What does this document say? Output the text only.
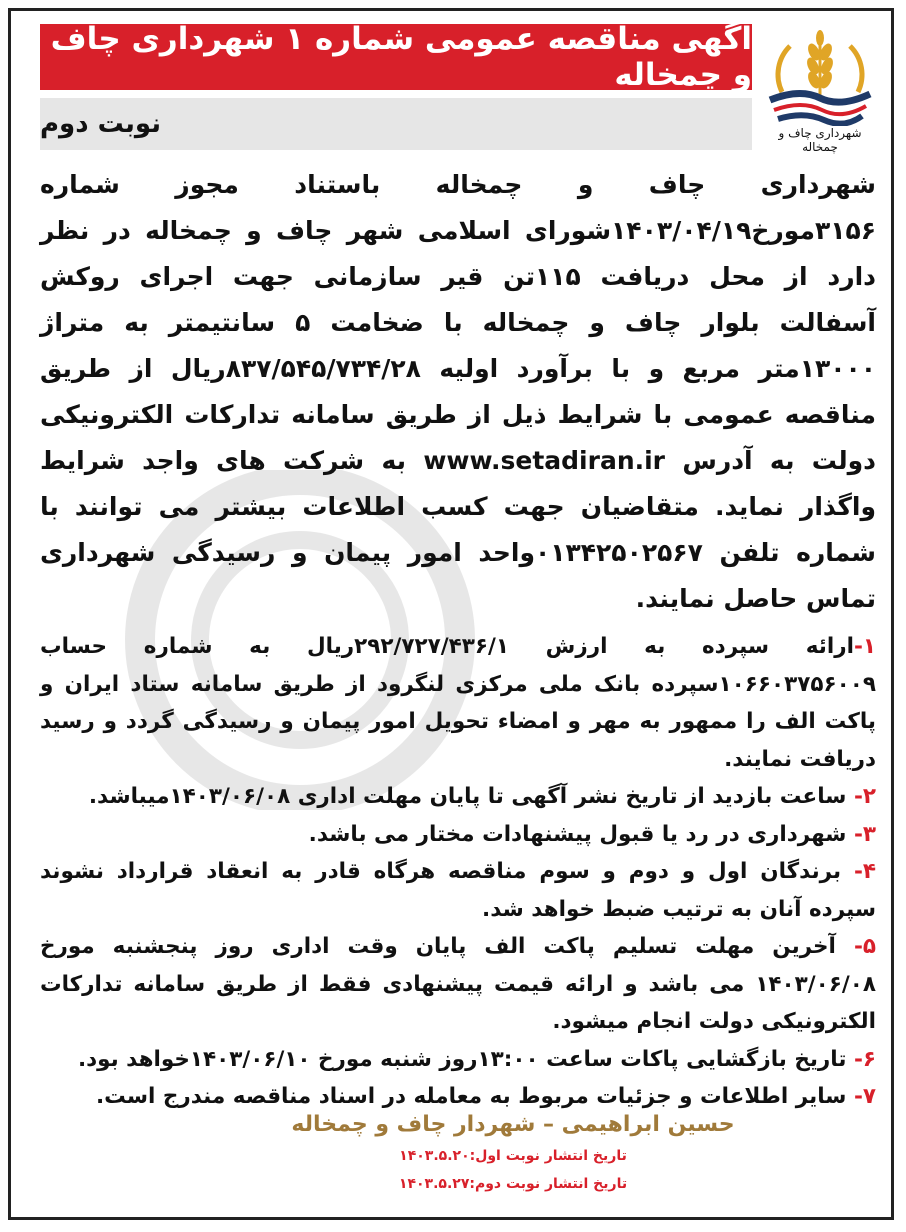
آگهی مناقصه عمومی شماره ۱ شهرداری چاف و چمخاله
نوبت دوم	شهرداری چاف و چمخاله

شهرداری چاف و چمخاله باستناد مجوز شماره ۳۱۵۶مورخ۱۴۰۳/۰۴/۱۹شورای اسلامی شهر چاف و چمخاله در نظر دارد از محل دریافت ۱۱۵تن قیر سازمانی جهت اجرای روکش آسفالت بلوار چاف و چمخاله با ضخامت ۵ سانتیمتر به متراژ ۱۳۰۰۰متر مربع و با برآورد اولیه ۸۳۷/۵۴۵/۷۳۴/۲۸ریال از طریق مناقصه عمومی با شرایط ذیل از طریق سامانه تدارکات الکترونیکی دولت به آدرس www.setadiran.ir به شرکت های واجد شرایط واگذار نماید. متقاضیان جهت کسب اطلاعات بیشتر می توانند با شماره تلفن ۰۱۳۴۲۵۰۲۵۶۷واحد امور پیمان و رسیدگی شهرداری تماس حاصل نمایند.

۱-ارائه سپرده به ارزش ۲۹۲/۷۲۷/۴۳۶/۱ریال به شماره حساب ۱۰۶۶۰۳۷۵۶۰۰۹سپرده بانک ملی مرکزی لنگرود از طریق سامانه ستاد ایران و پاکت الف را ممهور به مهر و امضاء تحویل امور پیمان و رسیدگی گردد و رسید دریافت نمایند.

۲- ساعت بازدید از تاریخ نشر آگهی تا پایان مهلت اداری ۱۴۰۳/۰۶/۰۸میباشد.

۳- شهرداری در رد یا قبول پیشنهادات مختار می باشد.

۴- برندگان اول و دوم و سوم مناقصه هرگاه قادر به انعقاد قرارداد نشوند سپرده آنان به ترتیب ضبط خواهد شد.

۵- آخرین مهلت تسلیم پاکت الف پایان وقت اداری روز پنجشنبه مورخ ۱۴۰۳/۰۶/۰۸ می باشد و ارائه قیمت پیشنهادی فقط از طریق سامانه تدارکات الکترونیکی دولت انجام میشود.

۶- تاریخ بازگشایی پاکات ساعت ۱۳:۰۰روز شنبه مورخ ۱۴۰۳/۰۶/۱۰خواهد بود.

۷- سایر اطلاعات و جزئیات مربوط به معامله در اسناد مناقصه مندرج است.

حسین ابراهیمی – شهردار چاف و چمخاله
تاریخ انتشار نوبت اول:۱۴۰۳.۵.۲۰
تاریخ انتشار نوبت دوم:۱۴۰۳.۵.۲۷
